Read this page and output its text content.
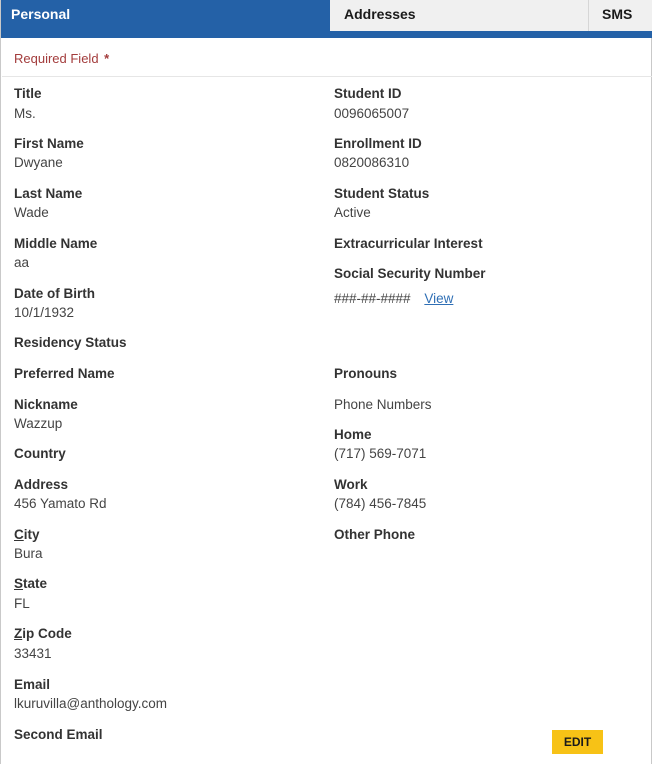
Personal	Addresses	SMS
Required Field *
Title
Ms.
First Name
Dwyane
Last Name
Wade
Middle Name
aa
Date of Birth
10/1/1932
Residency Status
Preferred Name
Nickname
Wazzup
Country
Address
456 Yamato Rd
City
Bura
State
FL
Zip Code
33431
Email
lkuruvilla@anthology.com
Second Email
Student ID
0096065007
Enrollment ID
0820086310
Student Status
Active
Extracurricular Interest
Social Security Number
###-##-#### View
Pronouns
Phone Numbers
Home
(717) 569-7071
Work
(784) 456-7845
Other Phone
EDIT
